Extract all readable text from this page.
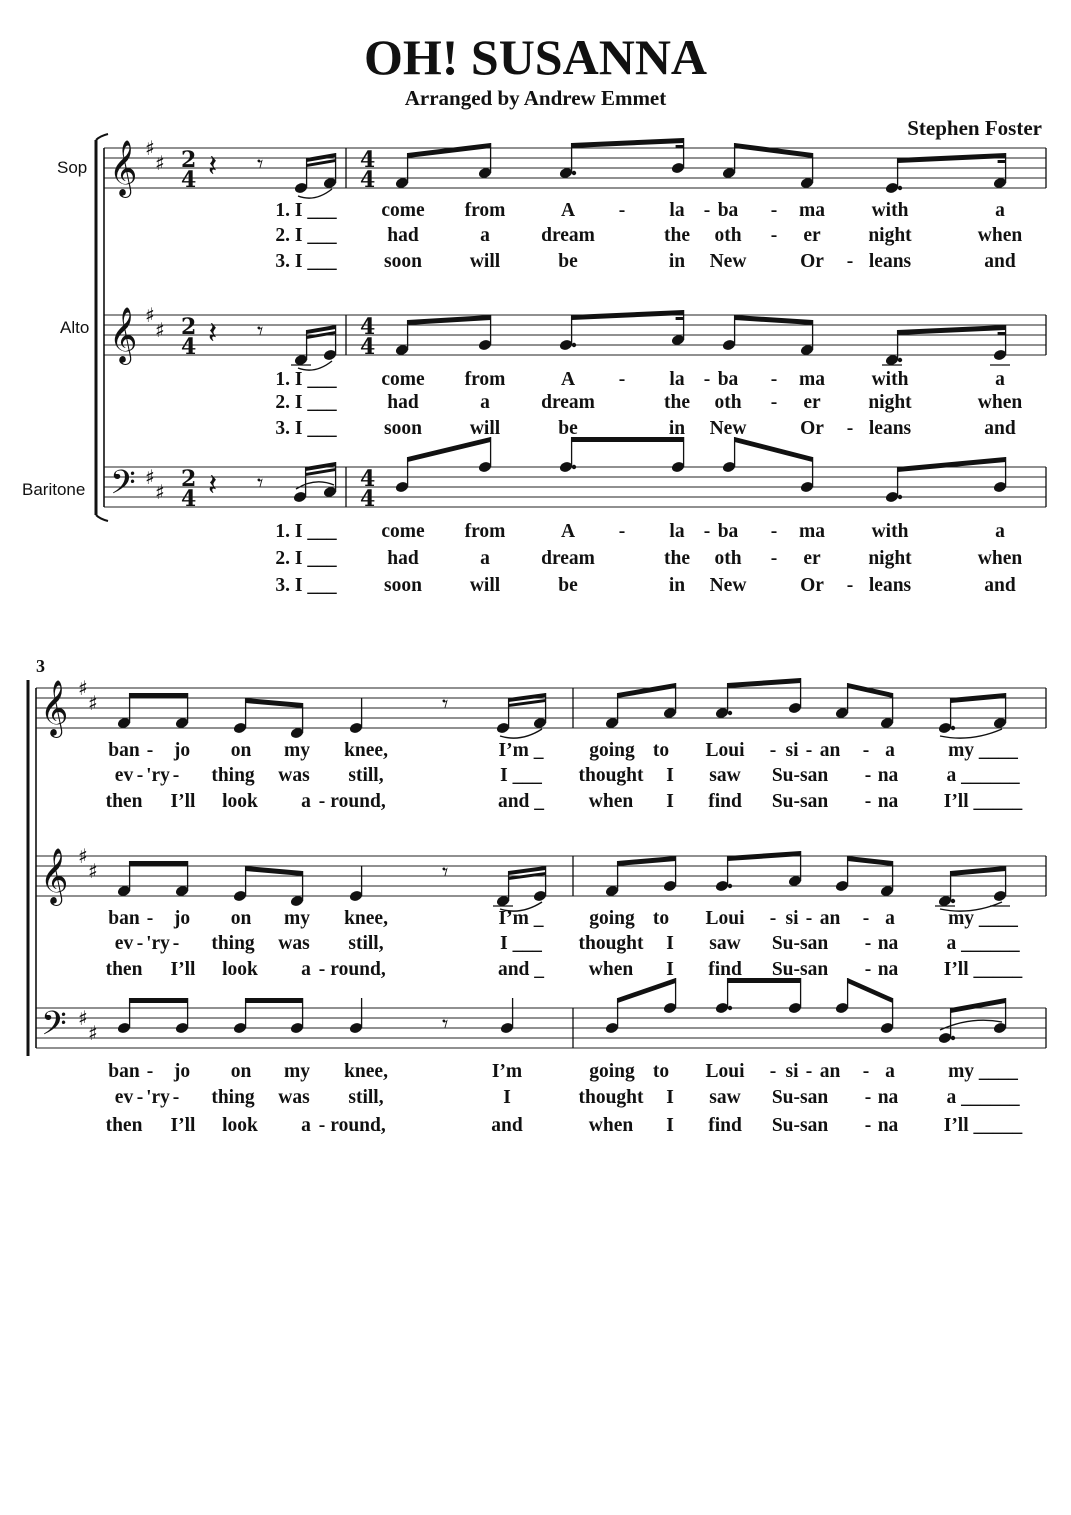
OH! SUSANNA
Arranged by Andrew Emmet
Stephen Foster
Sop
Alto
Baritone
3
𝄞 ♯
♯ 2
4 𝄽 𝄾	4
4
𝄞 ♯
♯ 2
4 𝄽 𝄾	4
4
𝄢 ♯
♯ 2
4 𝄽 𝄾	4
4
𝄞 ♯
♯
𝄞 ♯
♯
𝄢 ♯
♯
𝄾
𝄾
𝄾
1. I ___ come from	A - la - ba - ma with	a
2. I ___	had	a	dream	the oth - er night	when
3. I ___ soon will	be	in New	Or - leans	and
1. I ___ come from	A - la - ba - ma with	a
2. I ___	had	a	dream	the oth - er night	when
3. I ___ soon will	be	in New	Or - leans	and
1. I ___ come from	A - la - ba - ma with	a
2. I ___	had	a	dream	the oth - er night	when
3. I ___ soon will	be	in New	Or - leans	and
ban - jo on my knee,	I’m _ going to Loui - si - an - a	my ____
ev - 'ry - thing was still,	I ___ thought I saw Su-san - na a ______
then I’ll look a - round,	and _ when I find Su-san - na I’ll _____
ban - jo on my knee,	I’m _ going to Loui - si - an - a	my ____
ev - 'ry - thing was still,	I ___ thought I saw Su-san - na a ______
then I’ll look a - round,	and _ when I find Su-san - na I’ll _____
ban - jo on my knee,	I’m	going to Loui - si - an - a	my ____
ev - 'ry - thing was still,	I	thought I saw Su-san - na a ______
then I’ll look a - round,	and	when I find Su-san - na I’ll _____
